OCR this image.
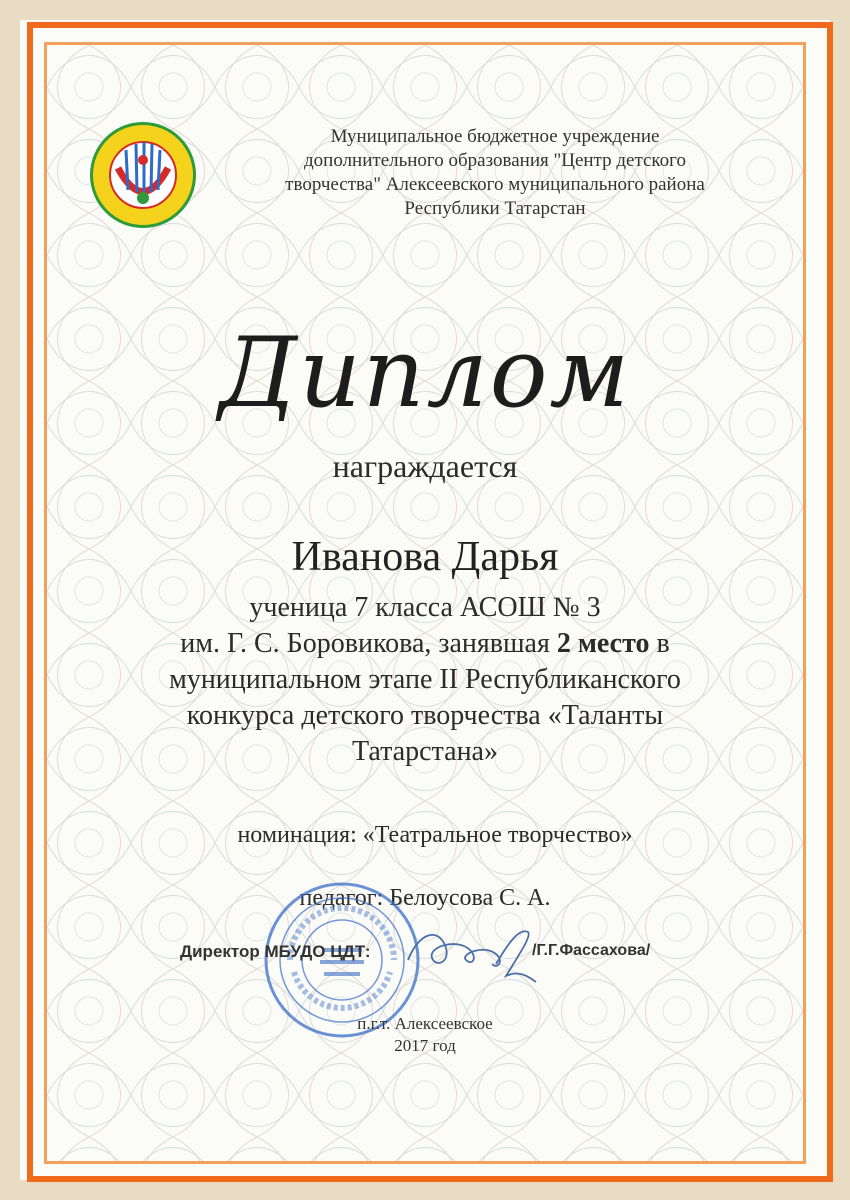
Муниципальное бюджетное учреждение
дополнительного образования "Центр детского
творчества" Алексеевского муниципального района
Республики Татарстан
Диплом
награждается
Иванова Дарья
ученица 7 класса АСОШ № 3
им. Г. С. Боровикова, занявшая 2 место в
муниципальном этапе II Республиканского
конкурса детского творчества «Таланты
Татарстана»
номинация: «Театральное творчество»
педагог: Белоусова С. А.
Директор МБУДО ЦДТ:	/Г.Г.Фассахова/
п.г.т. Алексеевское
2017 год
